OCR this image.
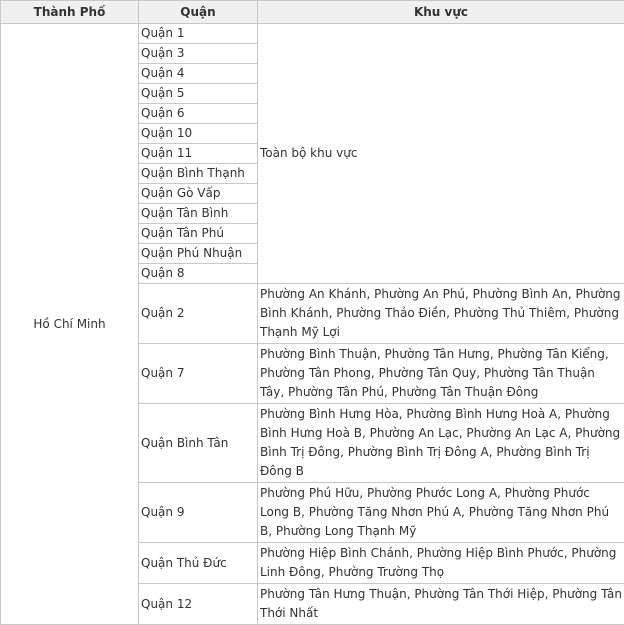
Thành Phố	Quận	Khu vực
Hồ Chí Minh	Quận 1	Toàn bộ khu vực
	Quận 3	
	Quận 4	
	Quận 5	
	Quận 6	
	Quận 10	
	Quận 11	
	Quận Bình Thạnh	
	Quận Gò Vấp	
	Quận Tân Bình	
	Quận Tân Phú	
	Quận Phú Nhuận	
	Quận 8	
	Quận 2	Phường An Khánh, Phường An Phú, Phường Bình An, Phường Bình Khánh, Phường Thảo Điền, Phường Thủ Thiêm, Phường Thạnh Mỹ Lợi
	Quận 7	Phường Bình Thuận, Phường Tân Hưng, Phường Tân Kiểng, Phường Tân Phong, Phường Tân Quy, Phường Tân Thuận Tây, Phường Tân Phú, Phường Tân Thuận Đông
	Quận Bình Tân	Phường Bình Hưng Hòa, Phường Bình Hưng Hoà A, Phường Bình Hưng Hoà B, Phường An Lạc, Phường An Lạc A, Phường Bình Trị Đông, Phường Bình Trị Đông A, Phường Bình Trị Đông B
	Quận 9	Phường Phú Hữu, Phường Phước Long A, Phường Phước Long B, Phường Tăng Nhơn Phú A, Phường Tăng Nhơn Phú B, Phường Long Thạnh Mỹ
	Quận Thủ Đức	Phường Hiệp Bình Chánh, Phường Hiệp Bình Phước, Phường Linh Đông, Phường Trường Thọ
	Quận 12	Phường Tân Hưng Thuận, Phường Tân Thới Hiệp, Phường Tân Thới Nhất
